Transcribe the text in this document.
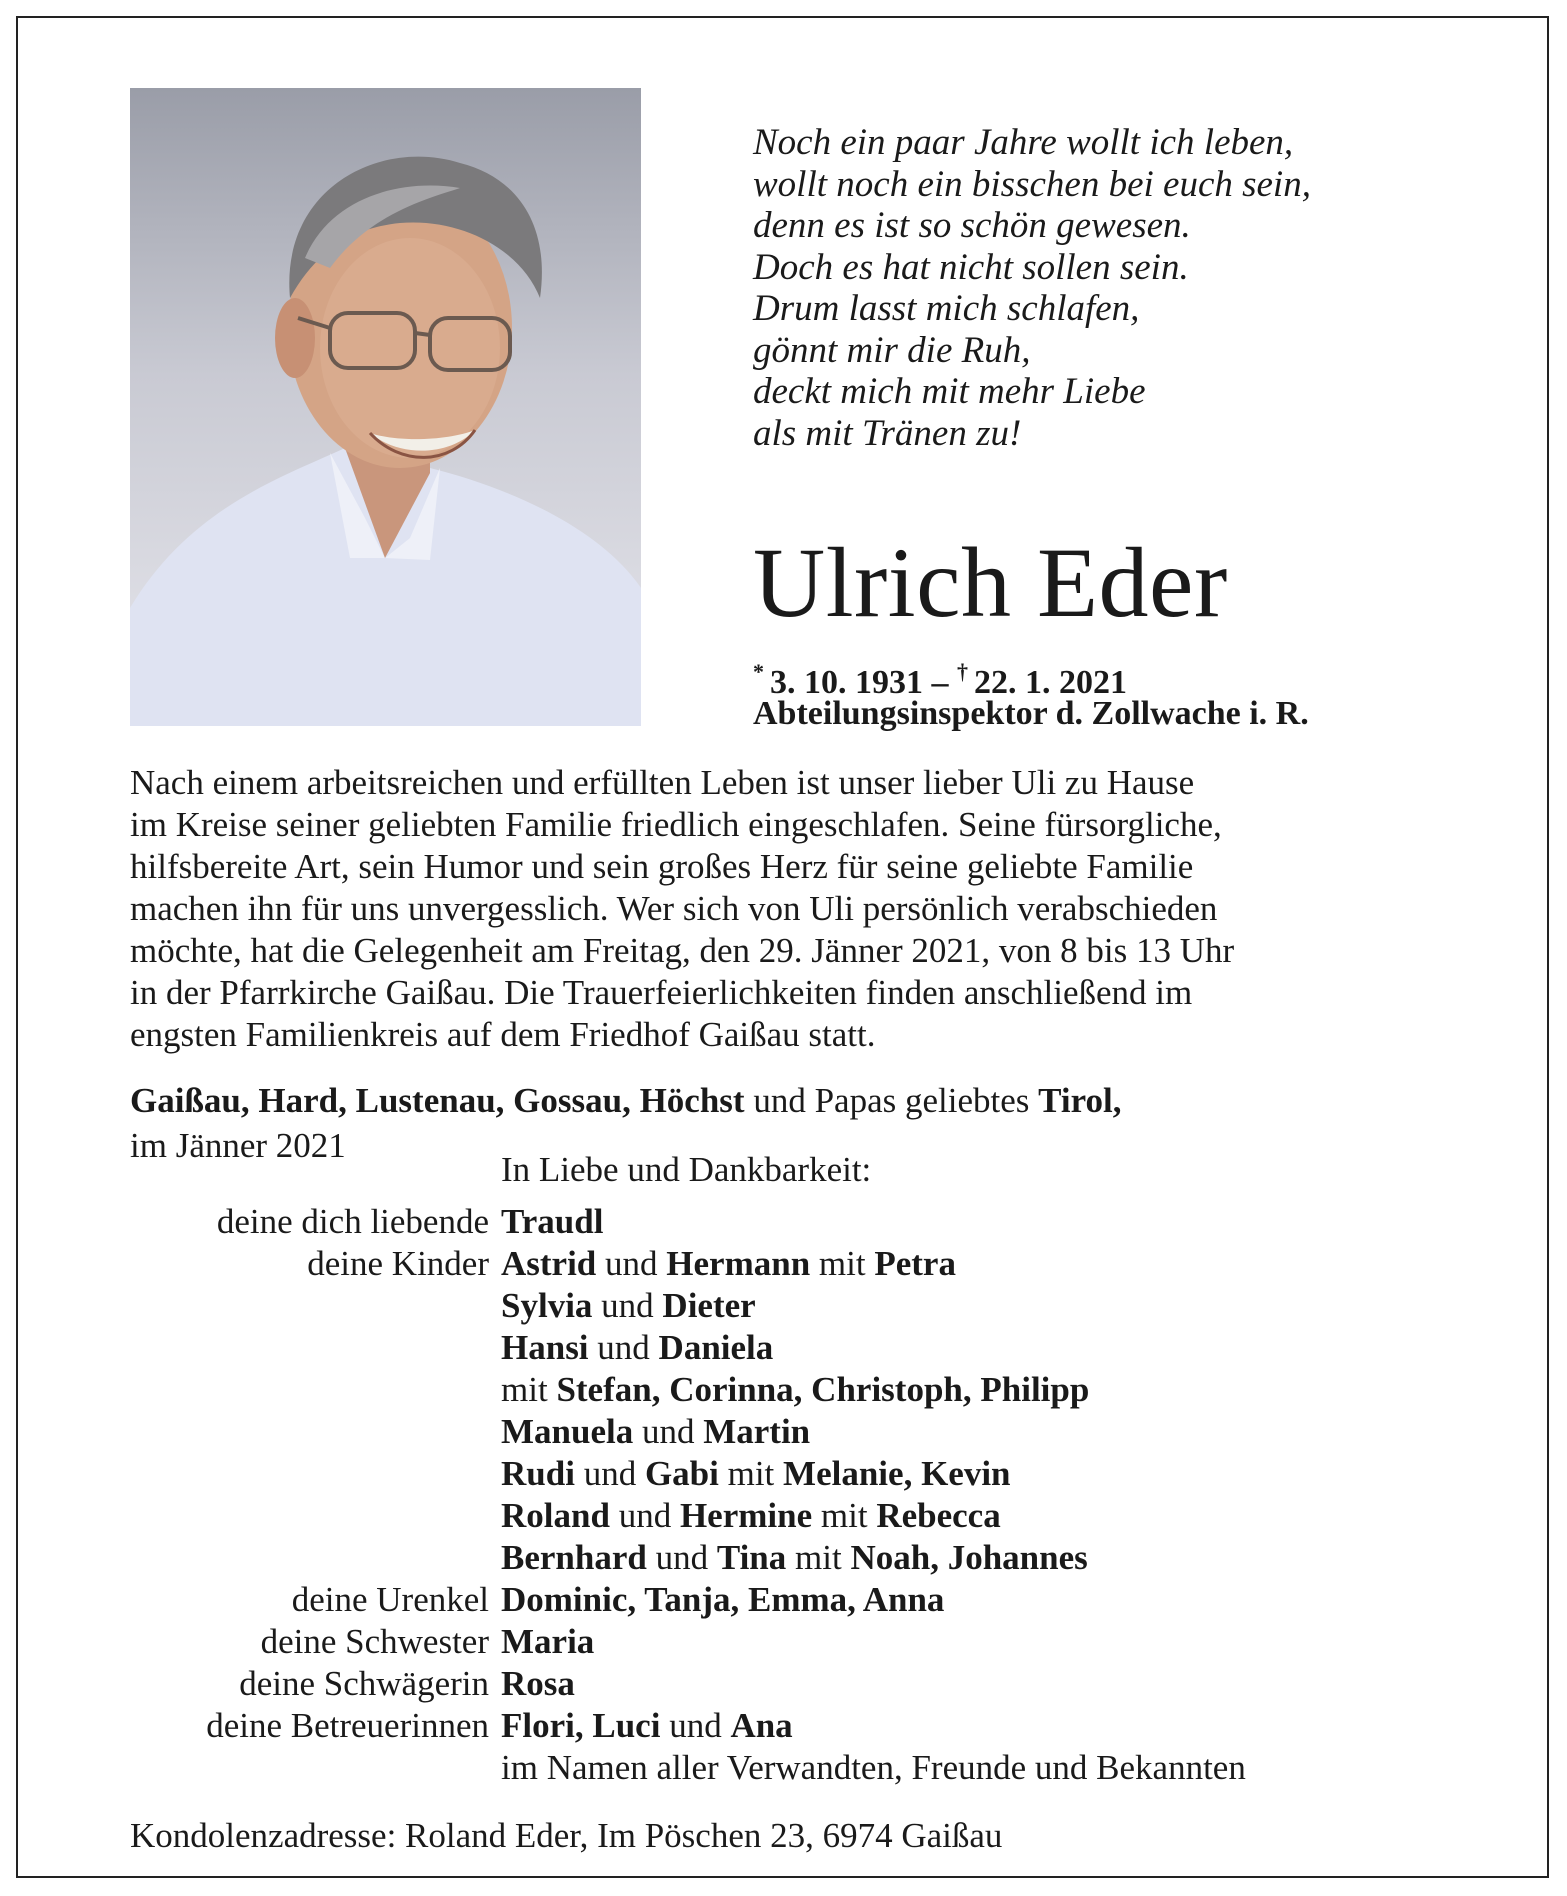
Noch ein paar Jahre wollt ich leben,
wollt noch ein bisschen bei euch sein,
denn es ist so schön gewesen.
Doch es hat nicht sollen sein.
Drum lasst mich schlafen,
gönnt mir die Ruh,
deckt mich mit mehr Liebe
als mit Tränen zu!
Ulrich Eder
* 3. 10. 1931 – † 22. 1. 2021
Abteilungsinspektor d. Zollwache i. R.
Nach einem arbeitsreichen und erfüllten Leben ist unser lieber Uli zu Hause
im Kreise seiner geliebten Familie friedlich eingeschlafen. Seine fürsorgliche,
hilfsbereite Art, sein Humor und sein großes Herz für seine geliebte Familie
machen ihn für uns unvergesslich. Wer sich von Uli persönlich verabschieden
möchte, hat die Gelegenheit am Freitag, den 29. Jänner 2021, von 8 bis 13 Uhr
in der Pfarrkirche Gaißau. Die Trauerfeierlichkeiten finden anschließend im
engsten Familienkreis auf dem Friedhof Gaißau statt.
Gaißau, Hard, Lustenau, Gossau, Höchst und Papas geliebtes Tirol,
im Jänner 2021
In Liebe und Dankbarkeit:
deine dich liebende Traudl
deine Kinder Astrid und Hermann mit Petra
Sylvia und Dieter
Hansi und Daniela
mit Stefan, Corinna, Christoph, Philipp
Manuela und Martin
Rudi und Gabi mit Melanie, Kevin
Roland und Hermine mit Rebecca
Bernhard und Tina mit Noah, Johannes
deine Urenkel Dominic, Tanja, Emma, Anna
deine Schwester Maria
deine Schwägerin Rosa
deine Betreuerinnen Flori, Luci und Ana
im Namen aller Verwandten, Freunde und Bekannten
Kondolenzadresse: Roland Eder, Im Pöschen 23, 6974 Gaißau
